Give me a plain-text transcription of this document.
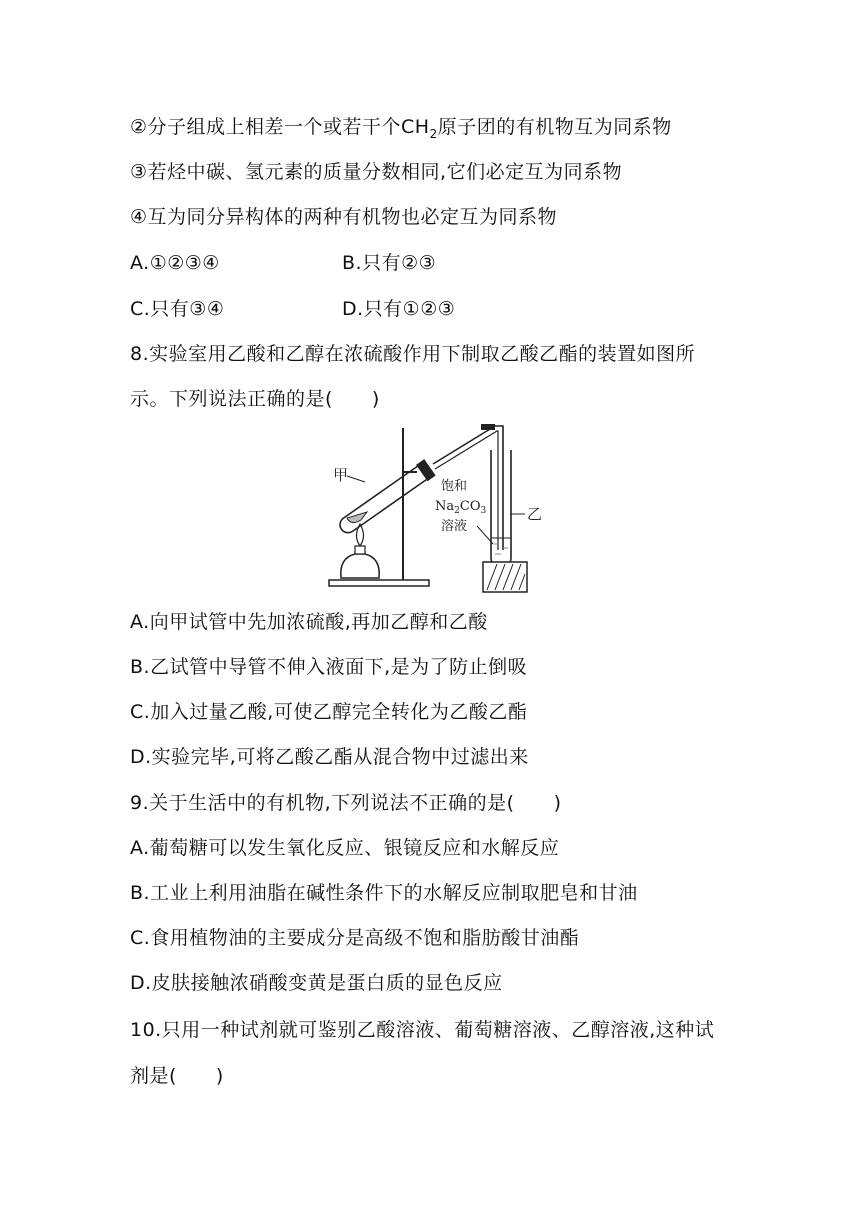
②分子组成上相差一个或若干个$CH_2$原子团的有机物互为同系物
③若烃中碳、氢元素的质量分数相同,它们必定互为同系物
④互为同分异构体的两种有机物也必定互为同系物
A.①②③④	B.只有②③
C.只有③④	D.只有①②③
8.实验室用乙酸和乙醇在浓硫酸作用下制取乙酸乙酯的装置如图所
示。下列说法正确的是(　　)
甲
饱和
$Na_2CO_3$
溶液
乙
A.向甲试管中先加浓硫酸,再加乙醇和乙酸
B.乙试管中导管不伸入液面下,是为了防止倒吸
C.加入过量乙酸,可使乙醇完全转化为乙酸乙酯
D.实验完毕,可将乙酸乙酯从混合物中过滤出来
9.关于生活中的有机物,下列说法不正确的是(　　)
A.葡萄糖可以发生氧化反应、银镜反应和水解反应
B.工业上利用油脂在碱性条件下的水解反应制取肥皂和甘油
C.食用植物油的主要成分是高级不饱和脂肪酸甘油酯
D.皮肤接触浓硝酸变黄是蛋白质的显色反应
10.只用一种试剂就可鉴别乙酸溶液、葡萄糖溶液、乙醇溶液,这种试
剂是(　　)
